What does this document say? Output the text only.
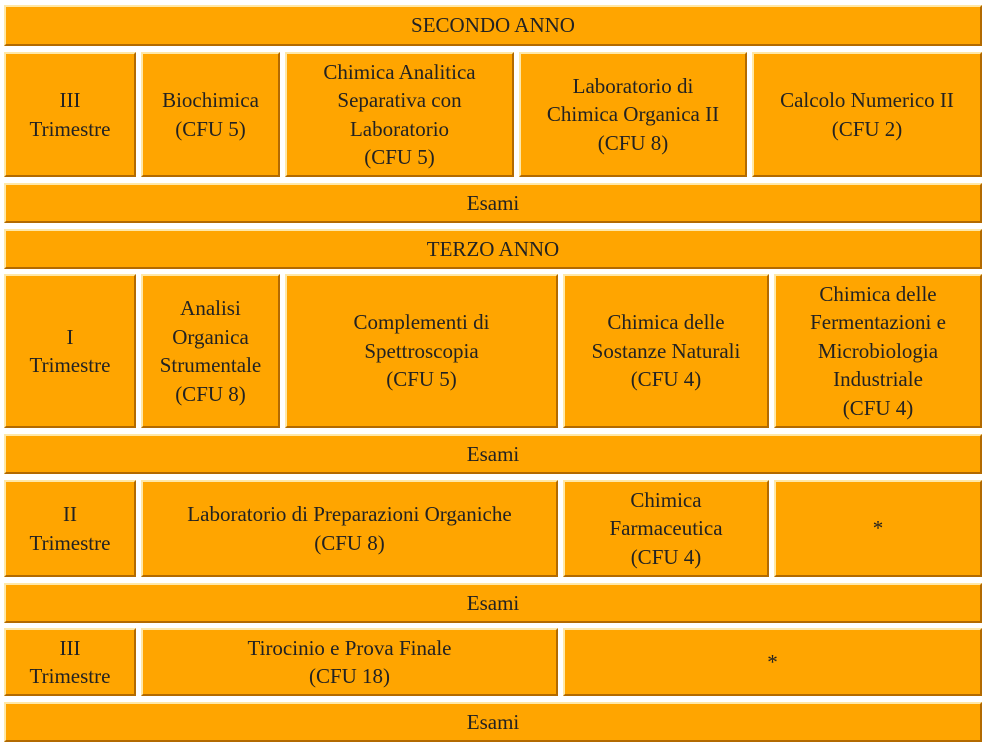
SECONDO ANNO
III
Trimestre
Biochimica
(CFU 5)
Chimica Analitica
Separativa con
Laboratorio
(CFU 5)
Laboratorio di
Chimica Organica II
(CFU 8)
Calcolo Numerico II
(CFU 2)
Esami
TERZO ANNO
I
Trimestre
Analisi
Organica
Strumentale
(CFU 8)
Complementi di
Spettroscopia
(CFU 5)
Chimica delle
Sostanze Naturali
(CFU 4)
Chimica delle
Fermentazioni e
Microbiologia
Industriale
(CFU 4)
Esami
II
Trimestre
Laboratorio di Preparazioni Organiche
(CFU 8)
Chimica
Farmaceutica
(CFU 4)
*
Esami
III
Trimestre
Tirocinio e Prova Finale
(CFU 18)
*
Esami
